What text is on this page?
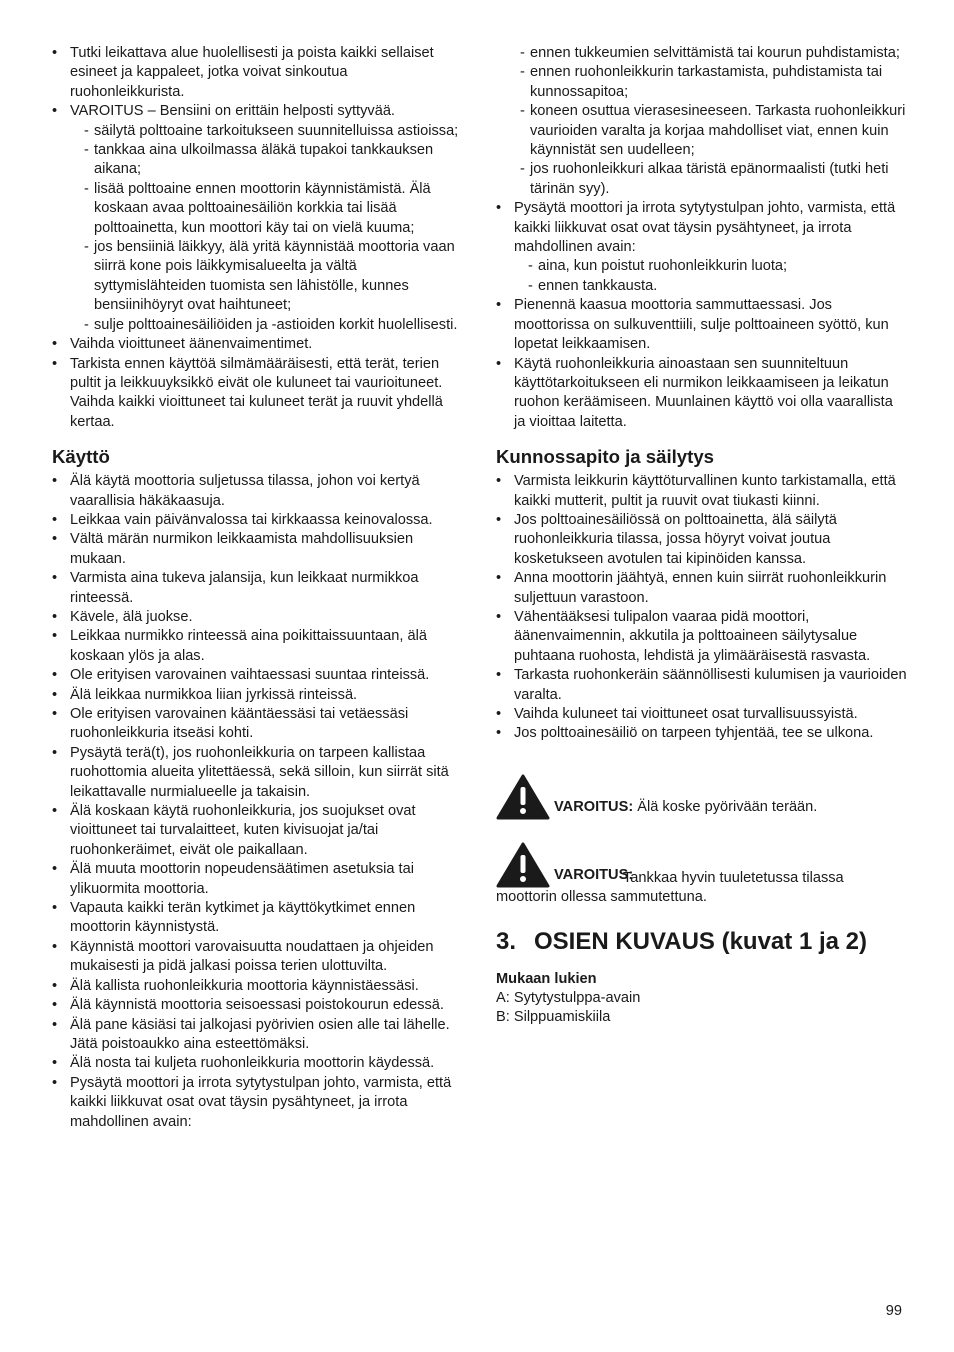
• Tutki leikattava alue huolellisesti ja poista kaikki sellaiset esineet ja kappaleet, jotka voivat sinkoutua ruohonleikkurista.
• VAROITUS – Bensiini on erittäin helposti syttyvää.
- säilytä polttoaine tarkoitukseen suunnitelluissa astioissa;
- tankkaa aina ulkoilmassa äläkä tupakoi tankkauksen aikana;
- lisää polttoaine ennen moottorin käynnistämistä. Älä koskaan avaa polttoainesäiliön korkkia tai lisää polttoainetta, kun moottori käy tai on vielä kuuma;
- jos bensiiniä läikkyy, älä yritä käynnistää moottoria vaan siirrä kone pois läikkymisalueelta ja vältä syttymislähteiden tuomista sen lähistölle, kunnes bensiinihöyryt ovat haihtuneet;
- sulje polttoainesäiliöiden ja -astioiden korkit huolellisesti.
• Vaihda vioittuneet äänenvaimentimet.
• Tarkista ennen käyttöä silmämääräisesti, että terät, terien pultit ja leikkuuyksikkö eivät ole kuluneet tai vaurioituneet. Vaihda kaikki vioittuneet tai kuluneet terät ja ruuvit yhdellä kertaa.
Käyttö
• Älä käytä moottoria suljetussa tilassa, johon voi kertyä vaarallisia häkäkaasuja.
• Leikkaa vain päivänvalossa tai kirkkaassa keinovalossa.
• Vältä märän nurmikon leikkaamista mahdollisuuksien mukaan.
• Varmista aina tukeva jalansija, kun leikkaat nurmikkoa rinteessä.
• Kävele, älä juokse.
• Leikkaa nurmikko rinteessä aina poikittaissuuntaan, älä koskaan ylös ja alas.
• Ole erityisen varovainen vaihtaessasi suuntaa rinteissä.
• Älä leikkaa nurmikkoa liian jyrkissä rinteissä.
• Ole erityisen varovainen kääntäessäsi tai vetäessäsi ruohonleikkuria itseäsi kohti.
• Pysäytä terä(t), jos ruohonleikkuria on tarpeen kallistaa ruohottomia alueita ylitettäessä, sekä silloin, kun siirrät sitä leikattavalle nurmialueelle ja takaisin.
• Älä koskaan käytä ruohonleikkuria, jos suojukset ovat vioittuneet tai turvalaitteet, kuten kivisuojat ja/tai ruohonkeräimet, eivät ole paikallaan.
• Älä muuta moottorin nopeudensäätimen asetuksia tai ylikuormita moottoria.
• Vapauta kaikki terän kytkimet ja käyttökytkimet ennen moottorin käynnistystä.
• Käynnistä moottori varovaisuutta noudattaen ja ohjeiden mukaisesti ja pidä jalkasi poissa terien ulottuvilta.
• Älä kallista ruohonleikkuria moottoria käynnistäessäsi.
• Älä käynnistä moottoria seisoessasi poistokourun edessä.
• Älä pane käsiäsi tai jalkojasi pyörivien osien alle tai lähelle. Jätä poistoaukko aina esteettömäksi.
• Älä nosta tai kuljeta ruohonleikkuria moottorin käydessä.
• Pysäytä moottori ja irrota sytytystulpan johto, varmista, että kaikki liikkuvat osat ovat täysin pysähtyneet, ja irrota mahdollinen avain:
- ennen tukkeumien selvittämistä tai kourun puhdistamista;
- ennen ruohonleikkurin tarkastamista, puhdistamista tai kunnossapitoa;
- koneen osuttua vierasesineeseen. Tarkasta ruohonleikkuri vaurioiden varalta ja korjaa mahdolliset viat, ennen kuin käynnistät sen uudelleen;
- jos ruohonleikkuri alkaa täristä epänormaalisti (tutki heti tärinän syy).
• Pysäytä moottori ja irrota sytytystulpan johto, varmista, että kaikki liikkuvat osat ovat täysin pysähtyneet, ja irrota mahdollinen avain:
- aina, kun poistut ruohonleikkurin luota;
- ennen tankkausta.
• Pienennä kaasua moottoria sammuttaessasi. Jos moottorissa on sulkuventtiili, sulje polttoaineen syöttö, kun lopetat leikkaamisen.
• Käytä ruohonleikkuria ainoastaan sen suunniteltuun käyttötarkoitukseen eli nurmikon leikkaamiseen ja leikatun ruohon keräämiseen. Muunlainen käyttö voi olla vaarallista ja vioittaa laitetta.
Kunnossapito ja säilytys
• Varmista leikkurin käyttöturvallinen kunto tarkistamalla, että kaikki mutterit, pultit ja ruuvit ovat tiukasti kiinni.
• Jos polttoainesäiliössä on polttoainetta, älä säilytä ruohonleikkuria tilassa, jossa höyryt voivat joutua kosketukseen avotulen tai kipinöiden kanssa.
• Anna moottorin jäähtyä, ennen kuin siirrät ruohonleikkurin suljettuun varastoon.
• Vähentääksesi tulipalon vaaraa pidä moottori, äänenvaimennin, akkutila ja polttoaineen säilytysalue puhtaana ruohosta, lehdistä ja ylimääräisestä rasvasta.
• Tarkasta ruohonkeräin säännöllisesti kulumisen ja vaurioiden varalta.
• Vaihda kuluneet tai vioittuneet osat turvallisuussyistä.
• Jos polttoainesäiliö on tarpeen tyhjentää, tee se ulkona.
VAROITUS: Älä koske pyörivään terään.
VAROITUS:
Tankkaa hyvin tuuletetussa tilassa moottorin ollessa sammutettuna.
3. OSIEN KUVAUS (kuvat 1 ja 2)
Mukaan lukien
A: Sytytystulppa-avain
B: Silppuamiskiila
99
